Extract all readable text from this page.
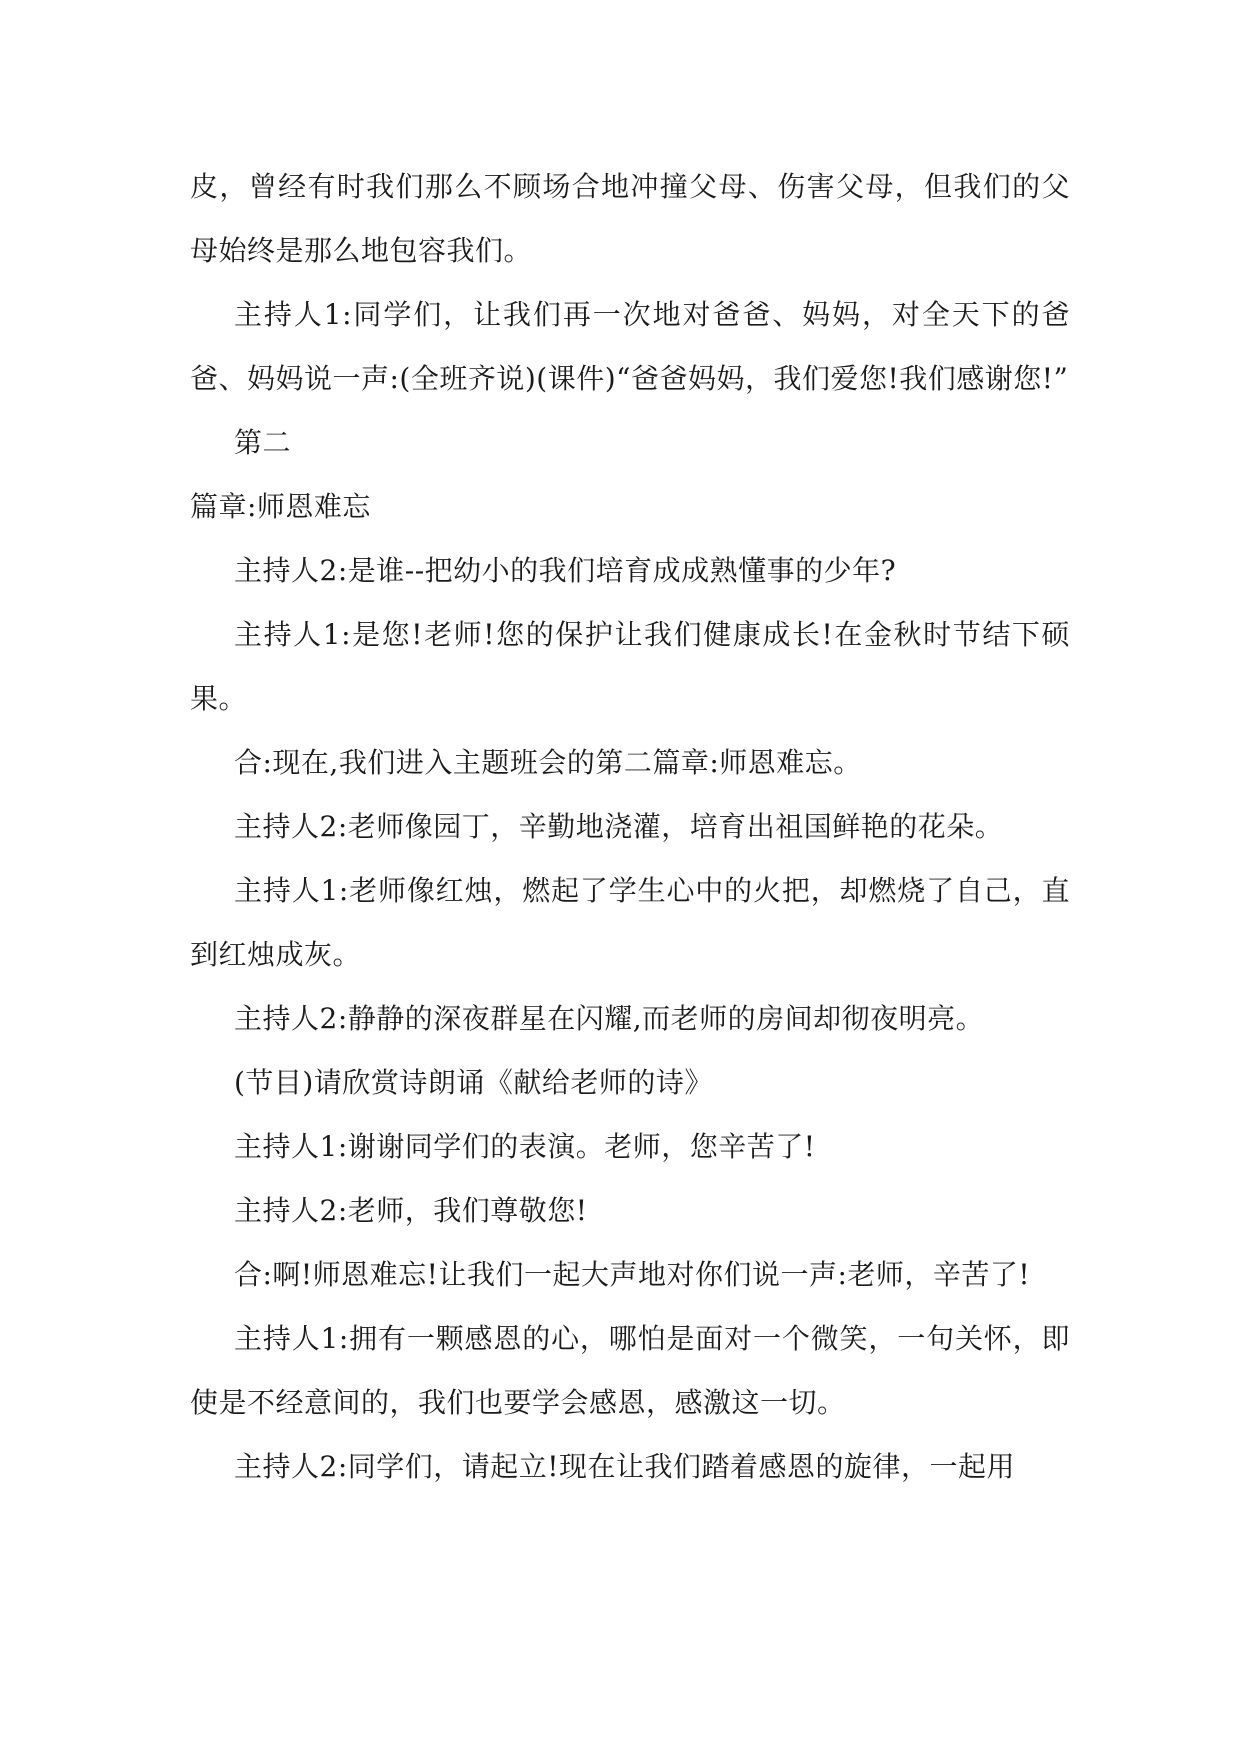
皮，曾经有时我们那么不顾场合地冲撞父母、伤害父母，但我们的父母始终是那么地包容我们。

主持人1:同学们，让我们再一次地对爸爸、妈妈，对全天下的爸爸、妈妈说一声:(全班齐说)(课件)“爸爸妈妈，我们爱您!我们感谢您!”

第二

篇章:师恩难忘

主持人2:是谁--把幼小的我们培育成成熟懂事的少年?

主持人1:是您!老师!您的保护让我们健康成长!在金秋时节结下硕果。

合:现在,我们进入主题班会的第二篇章:师恩难忘。

主持人2:老师像园丁，辛勤地浇灌，培育出祖国鲜艳的花朵。

主持人1:老师像红烛，燃起了学生心中的火把，却燃烧了自己，直到红烛成灰。

主持人2:静静的深夜群星在闪耀,而老师的房间却彻夜明亮。

(节目)请欣赏诗朗诵《献给老师的诗》

主持人1:谢谢同学们的表演。老师，您辛苦了!

主持人2:老师，我们尊敬您!

合:啊!师恩难忘!让我们一起大声地对你们说一声:老师，辛苦了!

主持人1:拥有一颗感恩的心，哪怕是面对一个微笑，一句关怀，即使是不经意间的，我们也要学会感恩，感激这一切。

主持人2:同学们，请起立!现在让我们踏着感恩的旋律，一起用
